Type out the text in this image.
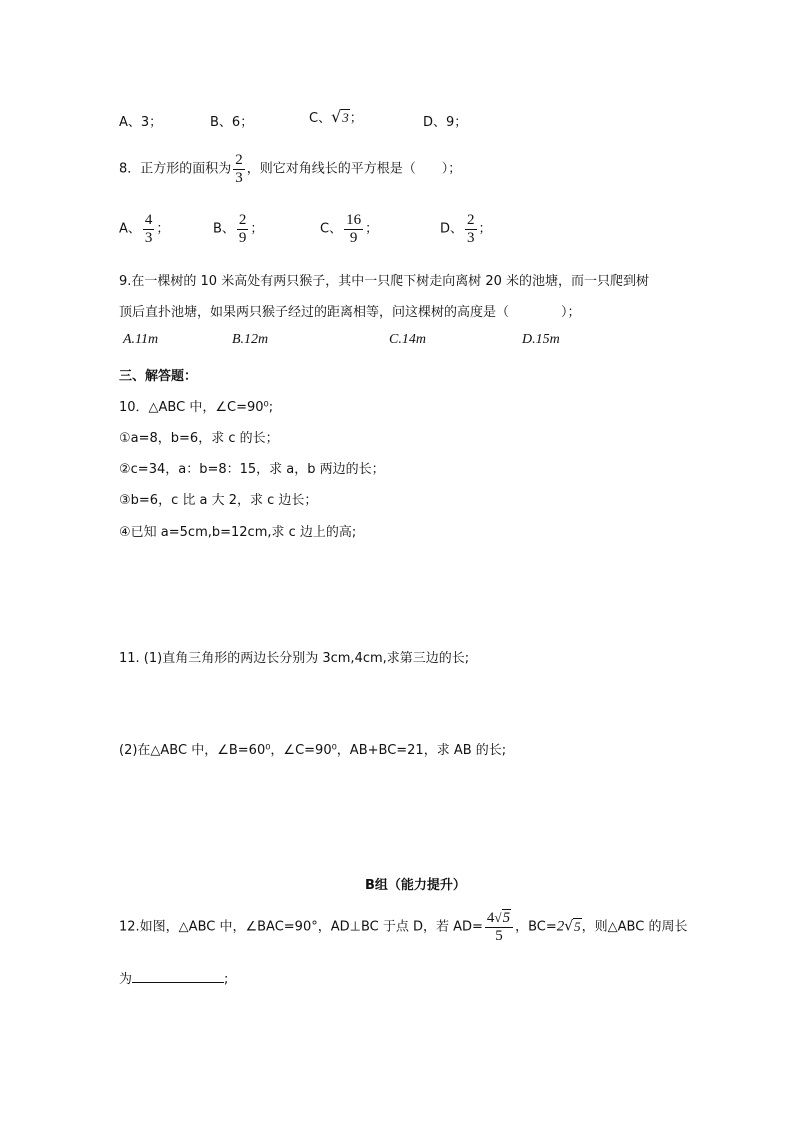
A、3；	B、6；	C、√3；	D、9；
8．正方形的面积为 $\frac{2}{3}$ ，则它对角线长的平方根是（　　）；
A、 $\frac{4}{3}$ ；	B、 $\frac{2}{9}$ ；	C、 $\frac{16}{9}$ ；	D、 $\frac{2}{3}$ ；
9.在一棵树的 10 米高处有两只猴子，其中一只爬下树走向离树 20 米的池塘，而一只爬到树
顶后直扑池塘，如果两只猴子经过的距离相等，问这棵树的高度是（　　　　）；
A.11m	B.12m	C.14m	D.15m
三、解答题：
10．△ABC 中，∠C=90⁰;
①a=8，b=6，求 c 的长；
②c=34，a：b=8：15，求 a，b 两边的长；
③b=6，c 比 a 大 2，求 c 边长；
④已知 a=5cm,b=12cm,求 c 边上的高;
11. (1)直角三角形的两边长分别为 3cm,4cm,求第三边的长;
(2)在△ABC 中，∠B=60⁰，∠C=90⁰，AB+BC=21，求 AB 的长;
B组（能力提升）
12.如图，△ABC 中，∠BAC=90°，AD⊥BC 于点 D，若 $AD= \frac{4√5}{5}$ ，BC=2√5，则△ABC 的周长
为	;
